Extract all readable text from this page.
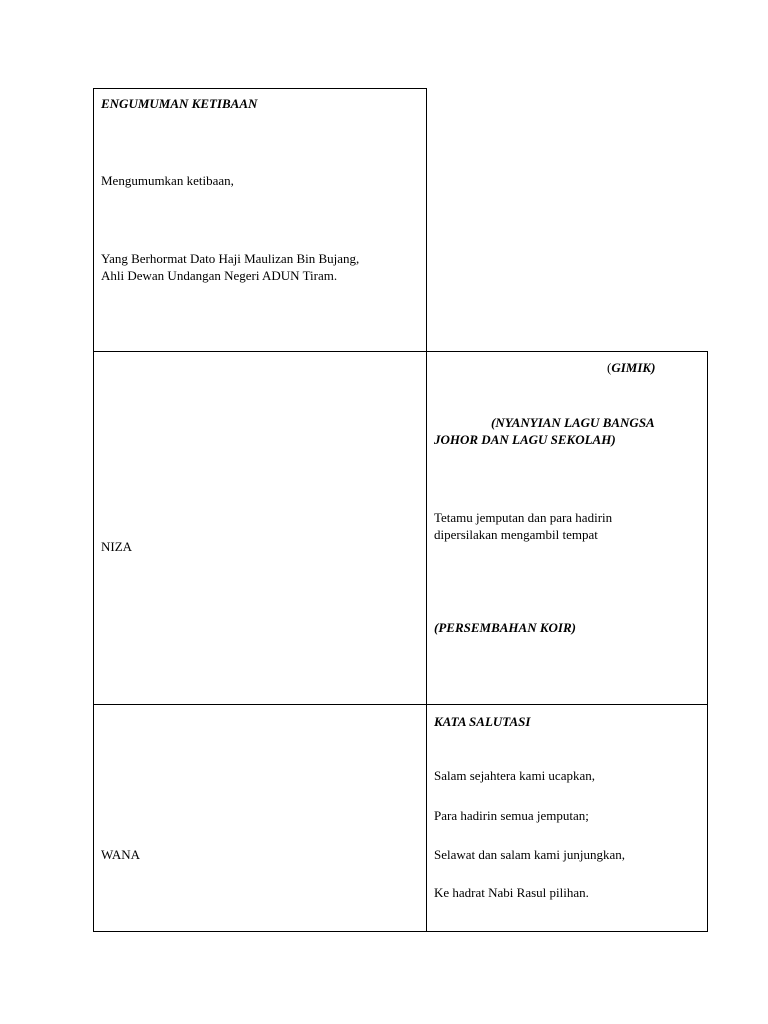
ENGUMUMAN KETIBAAN
Mengumumkan ketibaan,
Yang Berhormat Dato Haji Maulizan Bin Bujang,
Ahli Dewan Undangan Negeri ADUN Tiram.
NIZA
(GIMIK)
(NYANYIAN LAGU BANGSA
JOHOR DAN LAGU SEKOLAH)
Tetamu jemputan dan para hadirin
dipersilakan mengambil tempat
(PERSEMBAHAN KOIR)
WANA
KATA SALUTASI
Salam sejahtera kami ucapkan,
Para hadirin semua jemputan;
Selawat dan salam kami junjungkan,
Ke hadrat Nabi Rasul pilihan.
